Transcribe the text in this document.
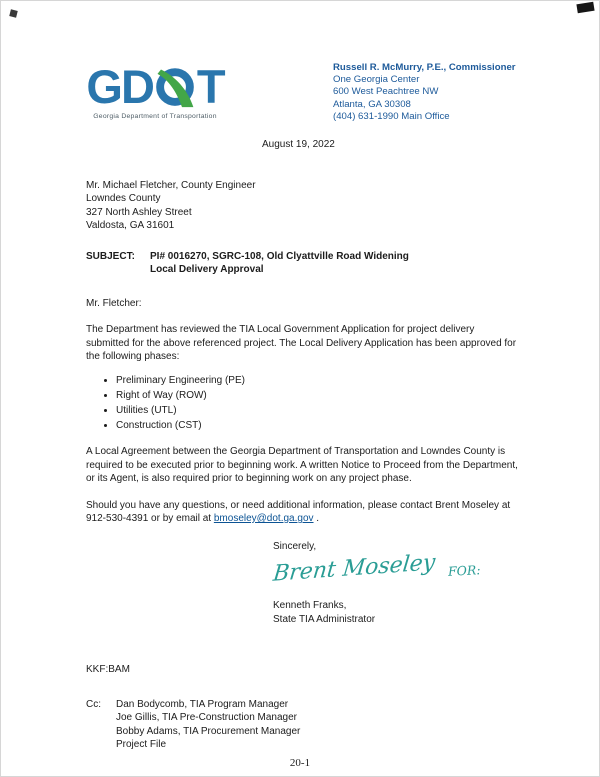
GD T
Georgia Department of Transportation
Russell R. McMurry, P.E., Commissioner
One Georgia Center
600 West Peachtree NW
Atlanta, GA 30308
(404) 631-1990 Main Office
August 19, 2022
Mr. Michael Fletcher, County Engineer
Lowndes County
327 North Ashley Street
Valdosta, GA 31601
SUBJECT:	PI# 0016270, SGRC-108, Old Clyattville Road Widening
Local Delivery Approval

Mr. Fletcher:

The Department has reviewed the TIA Local Government Application for project delivery submitted for the above referenced project. The Local Delivery Application has been approved for the following phases:

• Preliminary Engineering (PE)
• Right of Way (ROW)
• Utilities (UTL)
• Construction (CST)

A Local Agreement between the Georgia Department of Transportation and Lowndes County is required to be executed prior to beginning work. A written Notice to Proceed from the Department, or its Agent, is also required prior to beginning work on any project phase.

Should you have any questions, or need additional information, please contact Brent Moseley at 912-530-4391 or by email at bmoseley@dot.ga.gov .

Sincerely,
Brent Moseley FOR:
Kenneth Franks,
State TIA Administrator
KKF:BAM
Cc:	Dan Bodycomb, TIA Program Manager
Joe Gillis, TIA Pre-Construction Manager
Bobby Adams, TIA Procurement Manager
Project File
20-1
